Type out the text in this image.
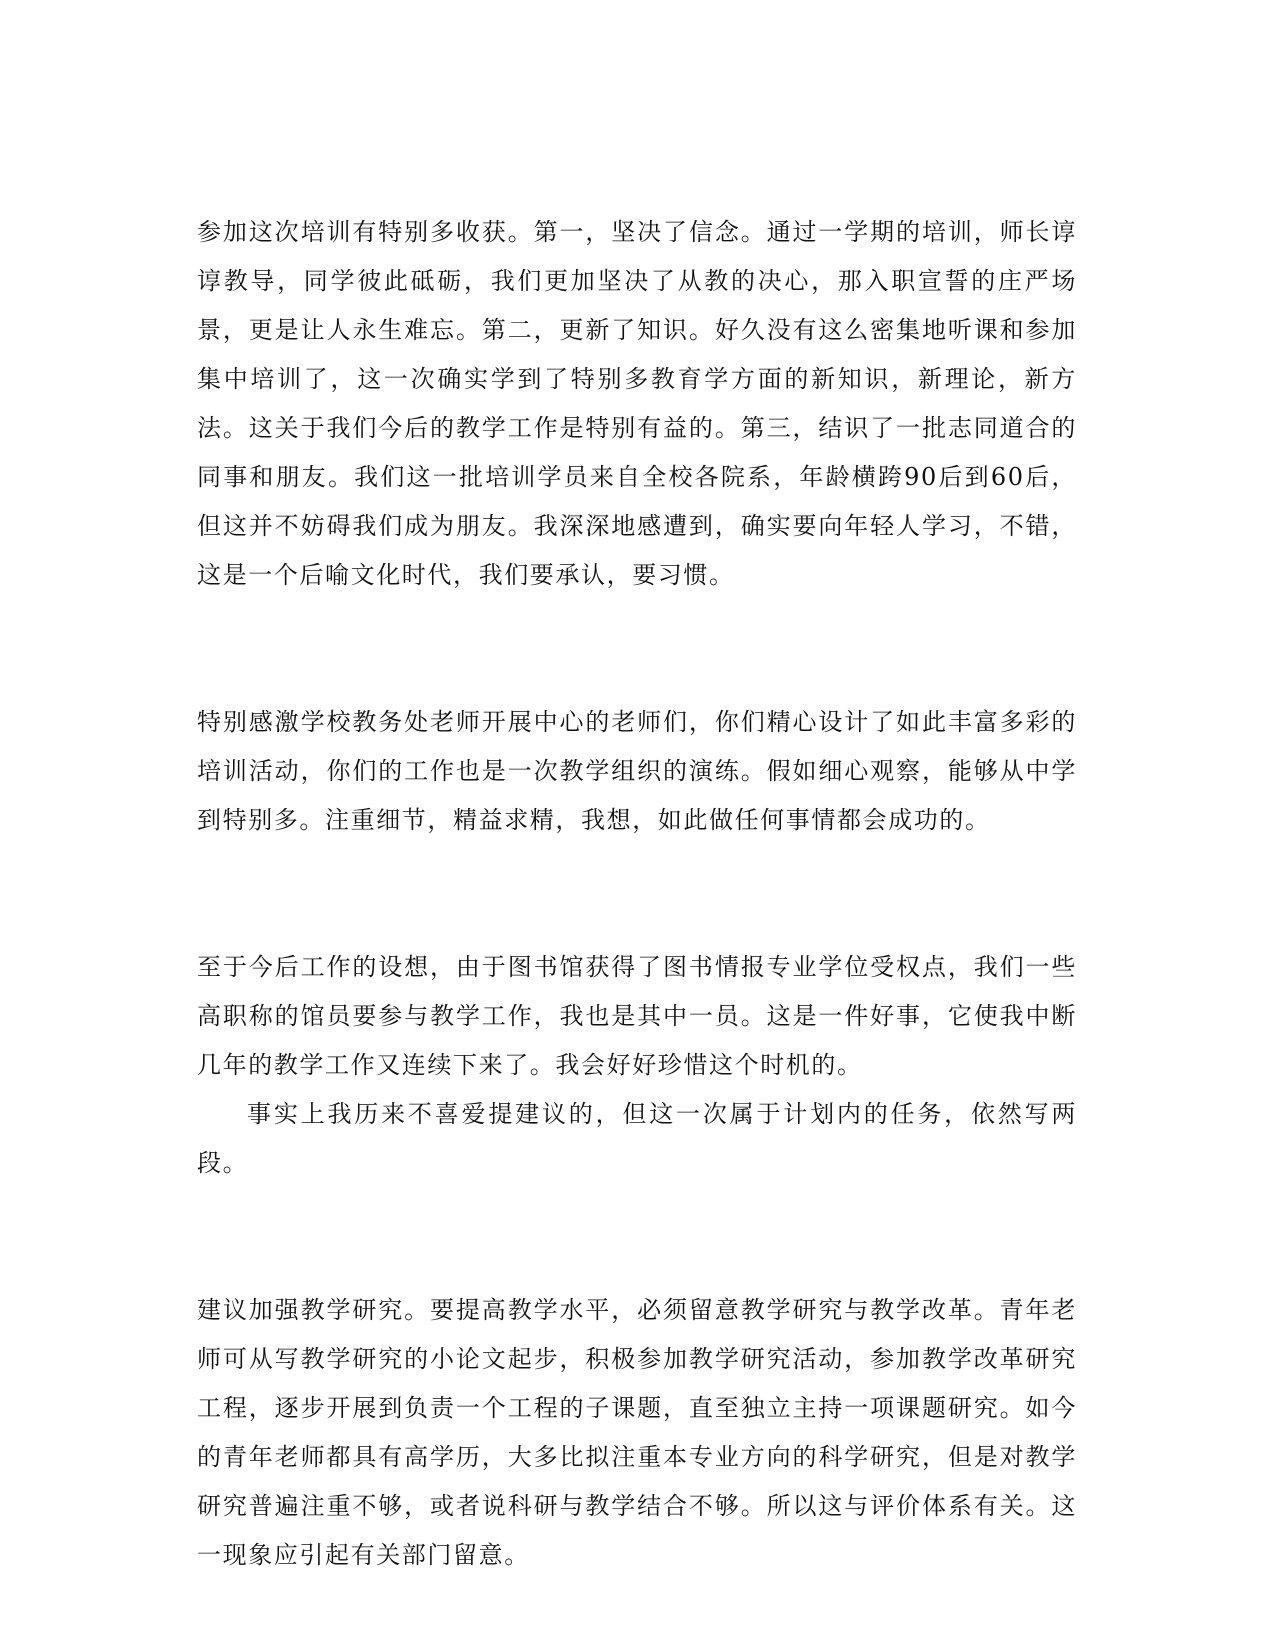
参加这次培训有特别多收获。第一，坚决了信念。通过一学期的培训，师长谆谆教导，同学彼此砥砺，我们更加坚决了从教的决心，那入职宣誓的庄严场景，更是让人永生难忘。第二，更新了知识。好久没有这么密集地听课和参加集中培训了，这一次确实学到了特别多教育学方面的新知识，新理论，新方法。这关于我们今后的教学工作是特别有益的。第三，结识了一批志同道合的同事和朋友。我们这一批培训学员来自全校各院系，年龄横跨90后到60后，但这并不妨碍我们成为朋友。我深深地感遭到，确实要向年轻人学习，不错，这是一个后喻文化时代，我们要承认，要习惯。

特别感激学校教务处老师开展中心的老师们，你们精心设计了如此丰富多彩的培训活动，你们的工作也是一次教学组织的演练。假如细心观察，能够从中学到特别多。注重细节，精益求精，我想，如此做任何事情都会成功的。

至于今后工作的设想，由于图书馆获得了图书情报专业学位受权点，我们一些高职称的馆员要参与教学工作，我也是其中一员。这是一件好事，它使我中断几年的教学工作又连续下来了。我会好好珍惜这个时机的。

事实上我历来不喜爱提建议的，但这一次属于计划内的任务，依然写两段。

建议加强教学研究。要提高教学水平，必须留意教学研究与教学改革。青年老师可从写教学研究的小论文起步，积极参加教学研究活动，参加教学改革研究工程，逐步开展到负责一个工程的子课题，直至独立主持一项课题研究。如今的青年老师都具有高学历，大多比拟注重本专业方向的科学研究，但是对教学研究普遍注重不够，或者说科研与教学结合不够。所以这与评价体系有关。这一现象应引起有关部门留意。
